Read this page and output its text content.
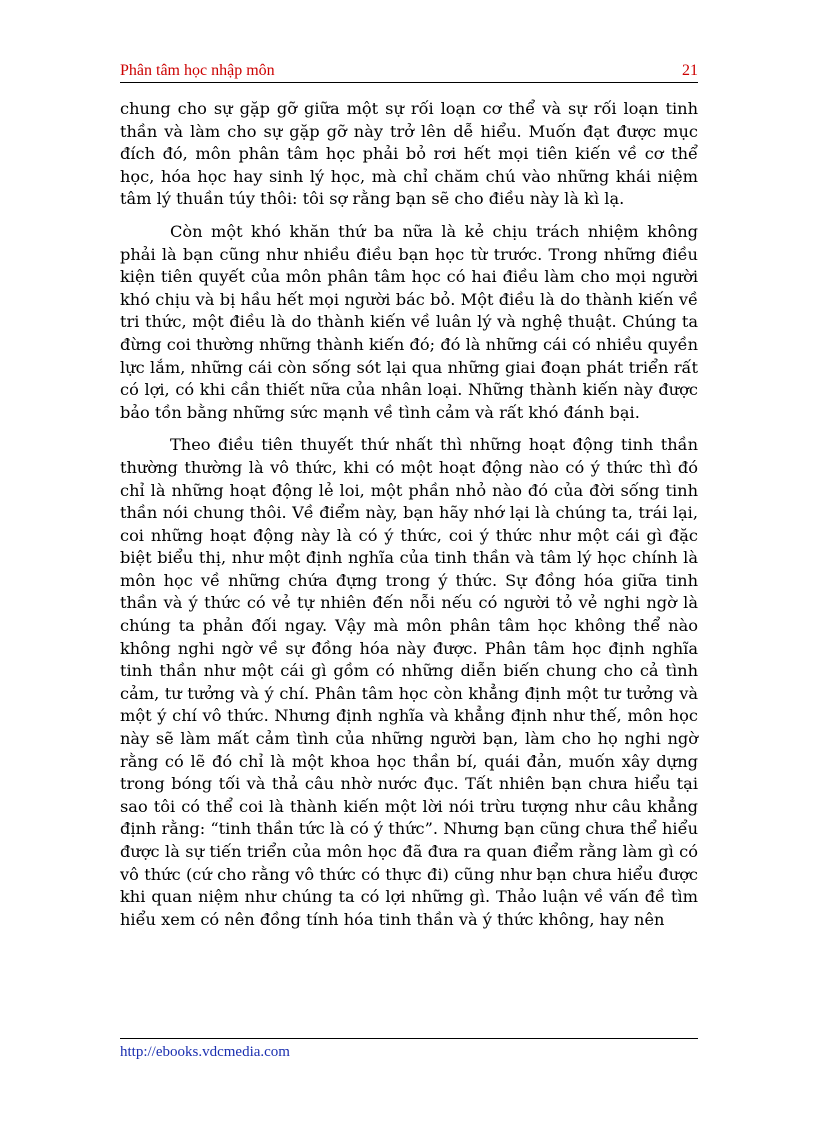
Phân tâm học nhập môn	21

chung cho sự gặp gỡ giữa một sự rối loạn cơ thể và sự rối loạn tinh thần và làm cho sự gặp gỡ này trở lên dễ hiểu. Muốn đạt được mục đích đó, môn phân tâm học phải bỏ rơi hết mọi tiên kiến về cơ thể học, hóa học hay sinh lý học, mà chỉ chăm chú vào những khái niệm tâm lý thuần túy thôi: tôi sợ rằng bạn sẽ cho điều này là kì lạ.

Còn một khó khăn thứ ba nữa là kẻ chịu trách nhiệm không phải là bạn cũng như nhiều điều bạn học từ trước. Trong những điều kiện tiên quyết của môn phân tâm học có hai điều làm cho mọi người khó chịu và bị hầu hết mọi người bác bỏ. Một điều là do thành kiến về tri thức, một điều là do thành kiến về luân lý và nghệ thuật. Chúng ta đừng coi thường những thành kiến đó; đó là những cái có nhiều quyền lực lắm, những cái còn sống sót lại qua những giai đoạn phát triển rất có lợi, có khi cần thiết nữa của nhân loại. Những thành kiến này được bảo tồn bằng những sức mạnh về tình cảm và rất khó đánh bại.

Theo điều tiên thuyết thứ nhất thì những hoạt động tinh thần thường thường là vô thức, khi có một hoạt động nào có ý thức thì đó chỉ là những hoạt động lẻ loi, một phần nhỏ nào đó của đời sống tinh thần nói chung thôi. Về điểm này, bạn hãy nhớ lại là chúng ta, trái lại, coi những hoạt động này là có ý thức, coi ý thức như một cái gì đặc biệt biểu thị, như một định nghĩa của tinh thần và tâm lý học chính là môn học về những chứa đựng trong ý thức. Sự đồng hóa giữa tinh thần và ý thức có vẻ tự nhiên đến nỗi nếu có người tỏ vẻ nghi ngờ là chúng ta phản đối ngay. Vậy mà môn phân tâm học không thể nào không nghi ngờ về sự đồng hóa này được. Phân tâm học định nghĩa tinh thần như một cái gì gồm có những diễn biến chung cho cả tình cảm, tư tưởng và ý chí. Phân tâm học còn khẳng định một tư tưởng và một ý chí vô thức. Nhưng định nghĩa và khẳng định như thế, môn học này sẽ làm mất cảm tình của những người bạn, làm cho họ nghi ngờ rằng có lẽ đó chỉ là một khoa học thần bí, quái đản, muốn xây dựng trong bóng tối và thả câu nhờ nước đục. Tất nhiên bạn chưa hiểu tại sao tôi có thể coi là thành kiến một lời nói trừu tượng như câu khẳng định rằng: “tinh thần tức là có ý thức”. Nhưng bạn cũng chưa thể hiểu được là sự tiến triển của môn học đã đưa ra quan điểm rằng làm gì có vô thức (cứ cho rằng vô thức có thực đi) cũng như bạn chưa hiểu được khi quan niệm như chúng ta có lợi những gì. Thảo luận về vấn đề tìm hiểu xem có nên đồng tính hóa tinh thần và ý thức không, hay nên

http://ebooks.vdcmedia.com
